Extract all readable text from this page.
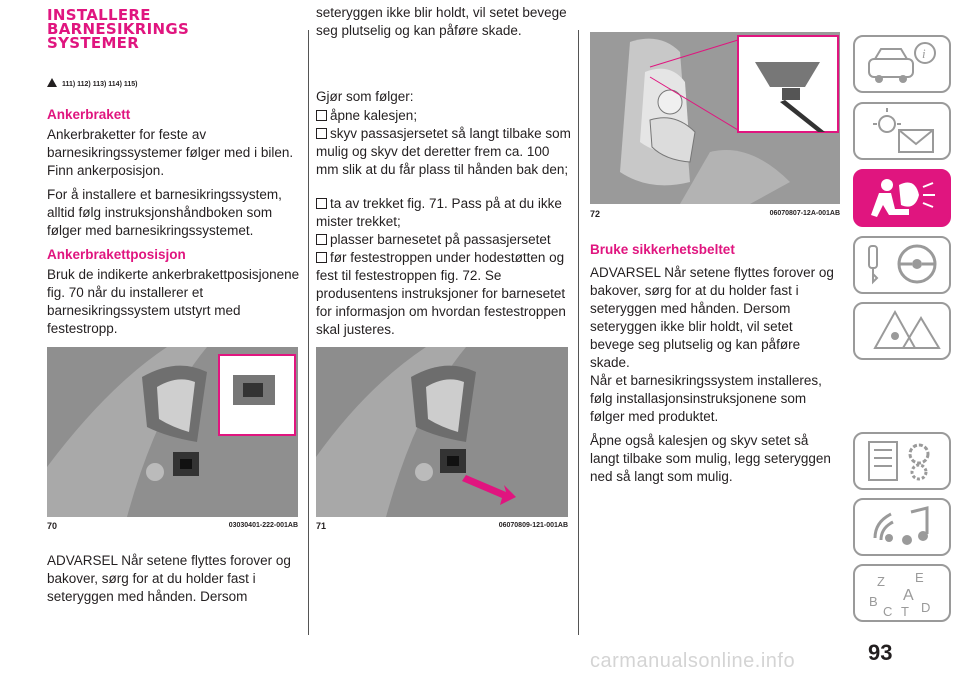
INSTALLERE
BARNESIKRINGS
SYSTEMER
111) 112) 113) 114) 115)
Ankerbrakett

Ankerbraketter for feste av barnesikringssystemer følger med i bilen. Finn ankerposisjon.

For å installere et barnesikringssystem, alltid følg instruksjonshåndboken som følger med barnesikringssystemet.

Ankerbrakettposisjon

Bruk de indikerte ankerbrakettposisjonene fig. 70 når du installerer et barnesikringssystem utstyrt med festestropp.

70	03030401-222-001AB

ADVARSEL Når setene flyttes forover og bakover, sørg for at du holder fast i seteryggen med hånden. Dersom

seteryggen ikke blir holdt, vil setet bevege seg plutselig og kan påføre skade.

Gjør som følger:

åpne kalesjen;

skyv passasjersetet så langt tilbake som mulig og skyv det deretter frem ca. 100 mm slik at du får plass til hånden bak den;

ta av trekket fig. 71. Pass på at du ikke mister trekket;

plasser barnesetet på passasjersetet

før festestroppen under hodestøtten og fest til festestroppen fig. 72. Se produsentens instruksjoner for barnesetet for informasjon om hvordan festestroppen skal justeres.

71	06070809-121-001AB
72	06070807-12A-001AB
Bruke sikkerhetsbeltet

ADVARSEL Når setene flyttes forover og bakover, sørg for at du holder fast i seteryggen med hånden. Dersom seteryggen ikke blir holdt, vil setet bevege seg plutselig og kan påføre skade.

Når et barnesikringssystem installeres, følg installasjonsinstruksjonene som følger med produktet.

Åpne også kalesjen og skyv setet så langt tilbake som mulig, legg seteryggen ned så langt som mulig.

i
Z E
B A
C T D
93
carmanualsonline.info
